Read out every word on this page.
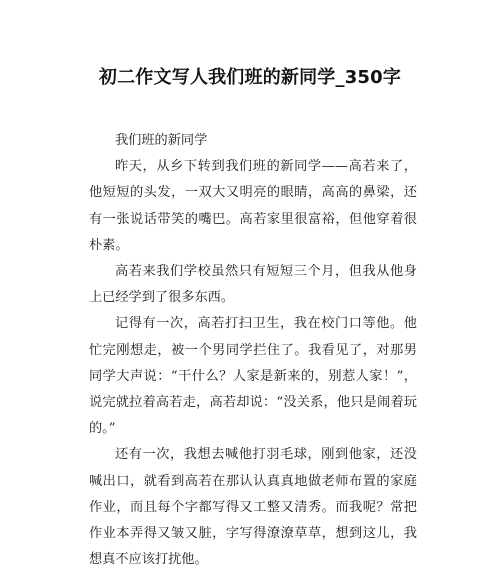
初二作文写人我们班的新同学_350字

我们班的新同学

昨天，从乡下转到我们班的新同学——高若来了，他短短的头发，一双大又明亮的眼睛，高高的鼻梁，还有一张说话带笑的嘴巴。高若家里很富裕，但他穿着很朴素。

高若来我们学校虽然只有短短三个月，但我从他身上已经学到了很多东西。

记得有一次，高若打扫卫生，我在校门口等他。他忙完刚想走，被一个男同学拦住了。我看见了，对那男同学大声说：“干什么？人家是新来的，别惹人家！”，说完就拉着高若走，高若却说：“没关系，他只是闹着玩的。”

还有一次，我想去喊他打羽毛球，刚到他家，还没喊出口，就看到高若在那认认真真地做老师布置的家庭作业，而且每个字都写得又工整又清秀。而我呢？常把作业本弄得又皱又脏，字写得潦潦草草，想到这儿，我想真不应该打扰他。
